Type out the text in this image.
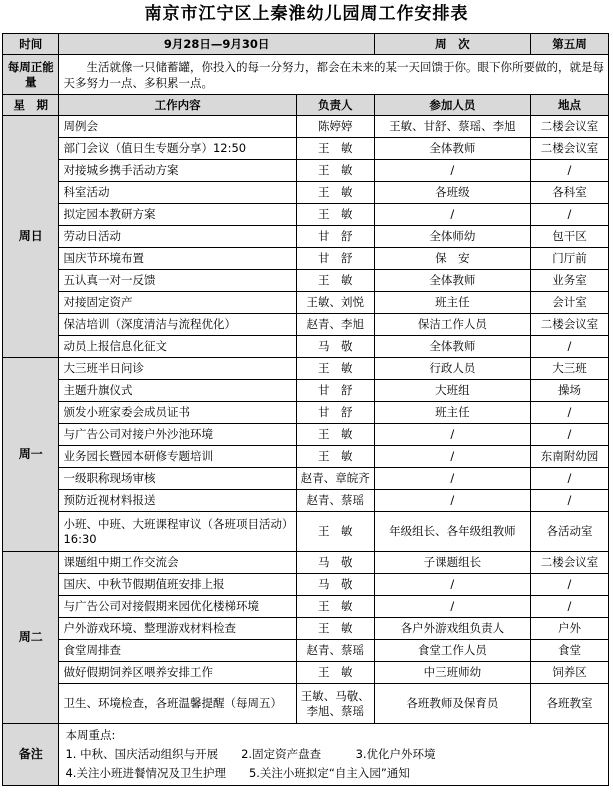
南京市江宁区上秦淮幼儿园周工作安排表
时间	9月28日—9月30日		周　次	第五周
每周正能量	生活就像一只储蓄罐，你投入的每一分努力，都会在未来的某一天回馈于你。眼下你所要做的，就是每天多努力一点、多积累一点。			
星　期	工作内容	负责人	参加人员	地点
周日	周例会	陈婷婷	王敏、甘舒、蔡瑶、李旭	二楼会议室
	部门会议（值日生专题分享）12:50	王　敏	全体教师	二楼会议室
	对接城乡携手活动方案	王　敏	/	/
	科室活动	王　敏	各班级	各科室
	拟定园本教研方案	王　敏	/	/
	劳动日活动	甘　舒	全体师幼	包干区
	国庆节环境布置	甘　舒	保　安	门厅前
	五认真一对一反馈	王　敏	全体教师	业务室
	对接固定资产	王敏、刘悦	班主任	会计室
	保洁培训（深度清洁与流程优化）	赵青、李旭	保洁工作人员	二楼会议室
	动员上报信息化征文	马　敬	全体教师	/
周一	大三班半日问诊	王　敏	行政人员	大三班
	主题升旗仪式	甘　舒	大班组	操场
	颁发小班家委会成员证书	甘　舒	班主任	/
	与广告公司对接户外沙池环境	王　敏	/	/
	业务园长暨园本研修专题培训	王　敏	/	东南附幼园
	一级职称现场审核	赵青、章皖齐	/	/
	预防近视材料报送	赵青、蔡瑶	/	/
	小班、中班、大班课程审议（各班项目活动）16:30	王　敏	年级组长、各年级组教师	各活动室
周二	课题组中期工作交流会	马　敬	子课题组长	二楼会议室
	国庆、中秋节假期值班安排上报	马　敬	/	/
	与广告公司对接假期来园优化楼梯环境	王　敏	/	/
	户外游戏环境、整理游戏材料检查	王　敏	各户外游戏组负责人	户外
	食堂周排查	赵青、蔡瑶	食堂工作人员	食堂
	做好假期饲养区喂养安排工作	王　敏	中三班师幼	饲养区
	卫生、环境检查，各班温馨提醒（每周五）	王敏、马敬、李旭、蔡瑶	各班教师及保育员	各班教室
备注	本周重点:
1. 中秋、国庆活动组织与开展　　2.固定资产盘查　　　3.优化户外环境
4.关注小班进餐情况及卫生护理　　5.关注小班拟定“自主入园”通知			
